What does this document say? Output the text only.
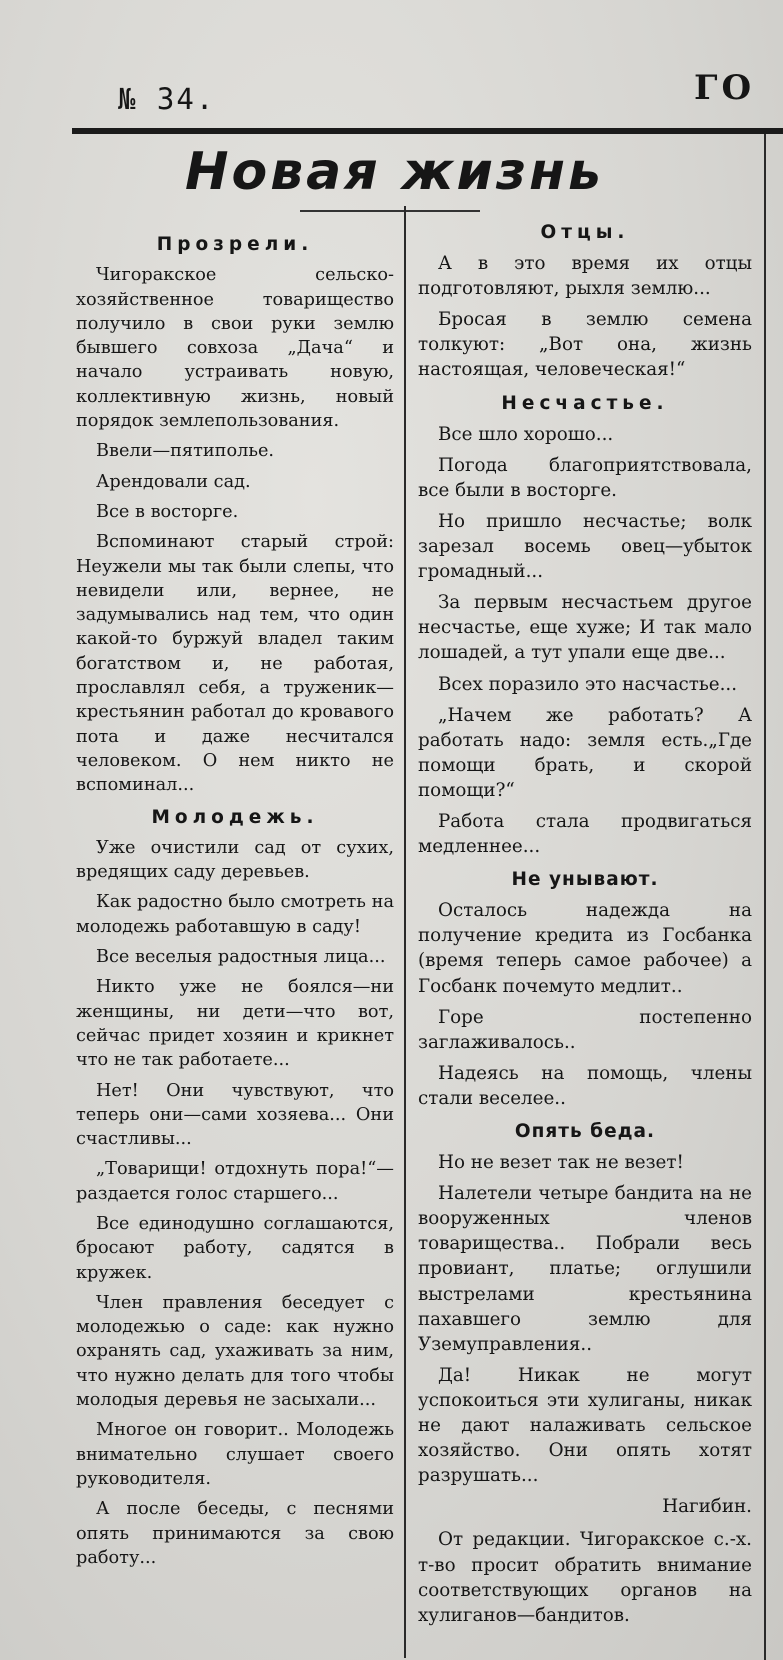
№ 34.	ГО
Новая жизнь
Прозрели.

Чигоракское сельско-хозяйственное товарищество получило в свои руки землю бывшего совхоза „Дача“ и начало устраивать новую, коллективную жизнь, новый порядок землепользования.

Ввели—пятиполье.

Арендовали сад.

Все в восторге.

Вспоминают старый строй: Неужели мы так были слепы, что невидели или, вернее, не задумывались над тем, что один какой-то буржуй владел таким богатством и, не работая, прославлял себя, а труженик—крестьянин работал до кровавого пота и даже несчитался человеком. О нем никто не вспоминал...

Молодежь.

Уже очистили сад от сухих, вредящих саду деревьев.

Как радостно было смотреть на молодежь работавшую в саду!

Все веселыя радостныя лица...

Никто уже не боялся—ни женщины, ни дети—что вот, сейчас придет хозяин и крикнет что не так работаете...

Нет! Они чувствуют, что теперь они—сами хозяева... Они счастливы...

„Товарищи! отдохнуть пора!“—раздается голос старшего...

Все единодушно соглашаются, бросают работу, садятся в кружек.

Член правления беседует с молодежью о саде: как нужно охранять сад, ухаживать за ним, что нужно делать для того чтобы молодыя деревья не засыхали...

Многое он говорит.. Молодежь внимательно слушает своего руководителя.

А после беседы, с песнями опять принимаются за свою работу...

Отцы.

А в это время их отцы подготовляют, рыхля землю...

Бросая в землю семена толкуют: „Вот она, жизнь настоящая, человеческая!“

Несчастье.

Все шло хорошо...

Погода благоприятствовала, все были в восторге.

Но пришло несчастье; волк зарезал восемь овец—убыток громадный...

За первым несчастьем другое несчастье, еще хуже; И так мало лошадей, а тут упали еще две...

Всех поразило это насчастье...

„Начем же работать? А работать надо: земля есть.„Где помощи брать, и скорой помощи?“

Работа стала продвигаться медленнее...

Не унывают.

Осталось надежда на получение кредита из Госбанка (время теперь самое рабочее) а Госбанк почемуто медлит..

Горе постепенно заглаживалось..

Надеясь на помощь, члены стали веселее..

Опять беда.

Но не везет так не везет!

Налетели четыре бандита на не вооруженных членов товарищества.. Побрали весь провиант, платье; оглушили выстрелами крестьянина пахавшего землю для Уземуправления..

Да! Никак не могут успокоиться эти хулиганы, никак не дают налаживать сельское хозяйство. Они опять хотят разрушать...

Нагибин.

От редакции. Чигоракское с.-х. т-во просит обратить внимание соответствующих органов на хулиганов—бандитов.
